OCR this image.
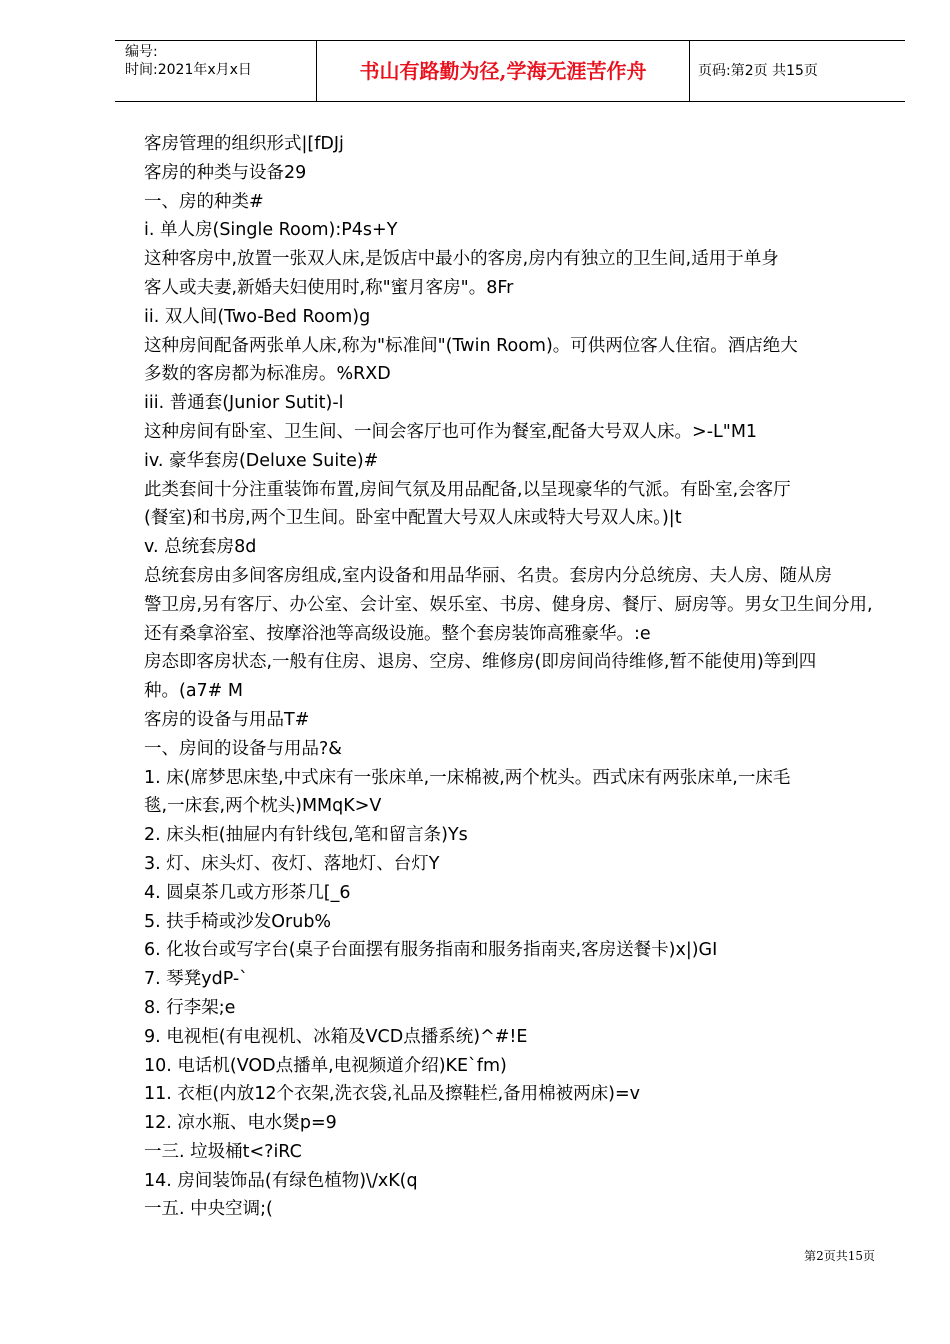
编号:
时间:2021年x月x日	书山有路勤为径,学海无涯苦作舟	页码:第2页 共15页
客房管理的组织形式|[fDJj
客房的种类与设备29
一、房的种类#
i. 单人房(Single Room):P4s+Y
这种客房中,放置一张双人床,是饭店中最小的客房,房内有独立的卫生间,适用于单身
客人或夫妻,新婚夫妇使用时,称"蜜月客房"。8Fr
ii. 双人间(Two-Bed Room)g
这种房间配备两张单人床,称为"标准间"(Twin Room)。可供两位客人住宿。酒店绝大
多数的客房都为标准房。%RXD
iii. 普通套(Junior Sutit)-l
这种房间有卧室、卫生间、一间会客厅也可作为餐室,配备大号双人床。>-L"M1
iv. 豪华套房(Deluxe Suite)#
此类套间十分注重装饰布置,房间气氛及用品配备,以呈现豪华的气派。有卧室,会客厅
(餐室)和书房,两个卫生间。卧室中配置大号双人床或特大号双人床。)|t
v. 总统套房8d
总统套房由多间客房组成,室内设备和用品华丽、名贵。套房内分总统房、夫人房、随从房
警卫房,另有客厅、办公室、会计室、娱乐室、书房、健身房、餐厅、厨房等。男女卫生间分用,
还有桑拿浴室、按摩浴池等高级设施。整个套房装饰高雅豪华。:e
房态即客房状态,一般有住房、退房、空房、维修房(即房间尚待维修,暂不能使用)等到四
种。(a7# M
客房的设备与用品T#
一、房间的设备与用品?&
1. 床(席梦思床垫,中式床有一张床单,一床棉被,两个枕头。西式床有两张床单,一床毛
毯,一床套,两个枕头)MMqK>V
2. 床头柜(抽屉内有针线包,笔和留言条)Ys
3. 灯、床头灯、夜灯、落地灯、台灯Y
4. 圆桌茶几或方形茶几[_6
5. 扶手椅或沙发Orub%
6. 化妆台或写字台(桌子台面摆有服务指南和服务指南夹,客房送餐卡)x|)GI
7. 琴凳ydP-`
8. 行李架;e
9. 电视柜(有电视机、冰箱及VCD点播系统)^#!E
10. 电话机(VOD点播单,电视频道介绍)KE`fm)
11. 衣柜(内放12个衣架,洗衣袋,礼品及擦鞋栏,备用棉被两床)=v
12. 凉水瓶、电水煲p=9
一三. 垃圾桶t<?iRC
14. 房间装饰品(有绿色植物)\/xK(q
一五. 中央空调;(
第2页共15页
